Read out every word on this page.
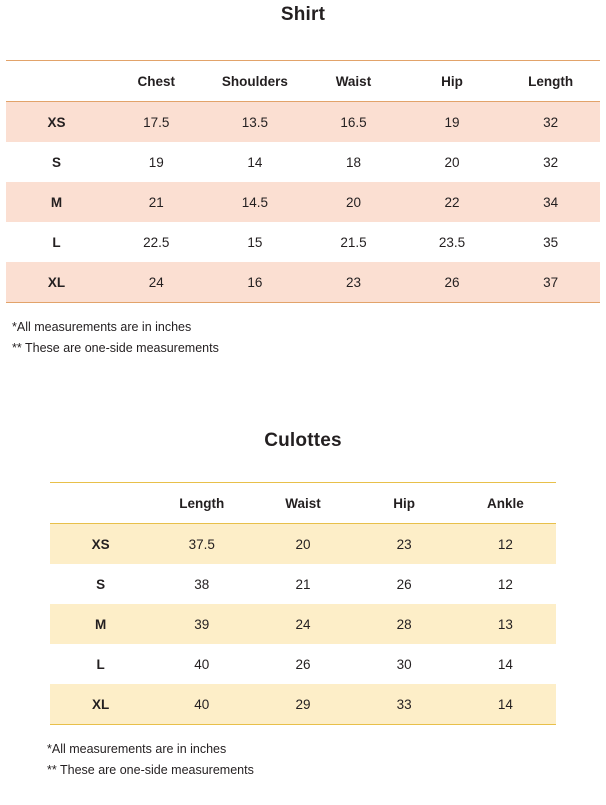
Shirt
	Chest	Shoulders	Waist	Hip	Length
XS	17.5	13.5	16.5	19	32
S	19	14	18	20	32
M	21	14.5	20	22	34
L	22.5	15	21.5	23.5	35
XL	24	16	23	26	37
*All measurements are in inches
** These are one-side measurements
Culottes
	Length	Waist	Hip	Ankle
XS	37.5	20	23	12
S	38	21	26	12
M	39	24	28	13
L	40	26	30	14
XL	40	29	33	14
*All measurements are in inches
** These are one-side measurements
